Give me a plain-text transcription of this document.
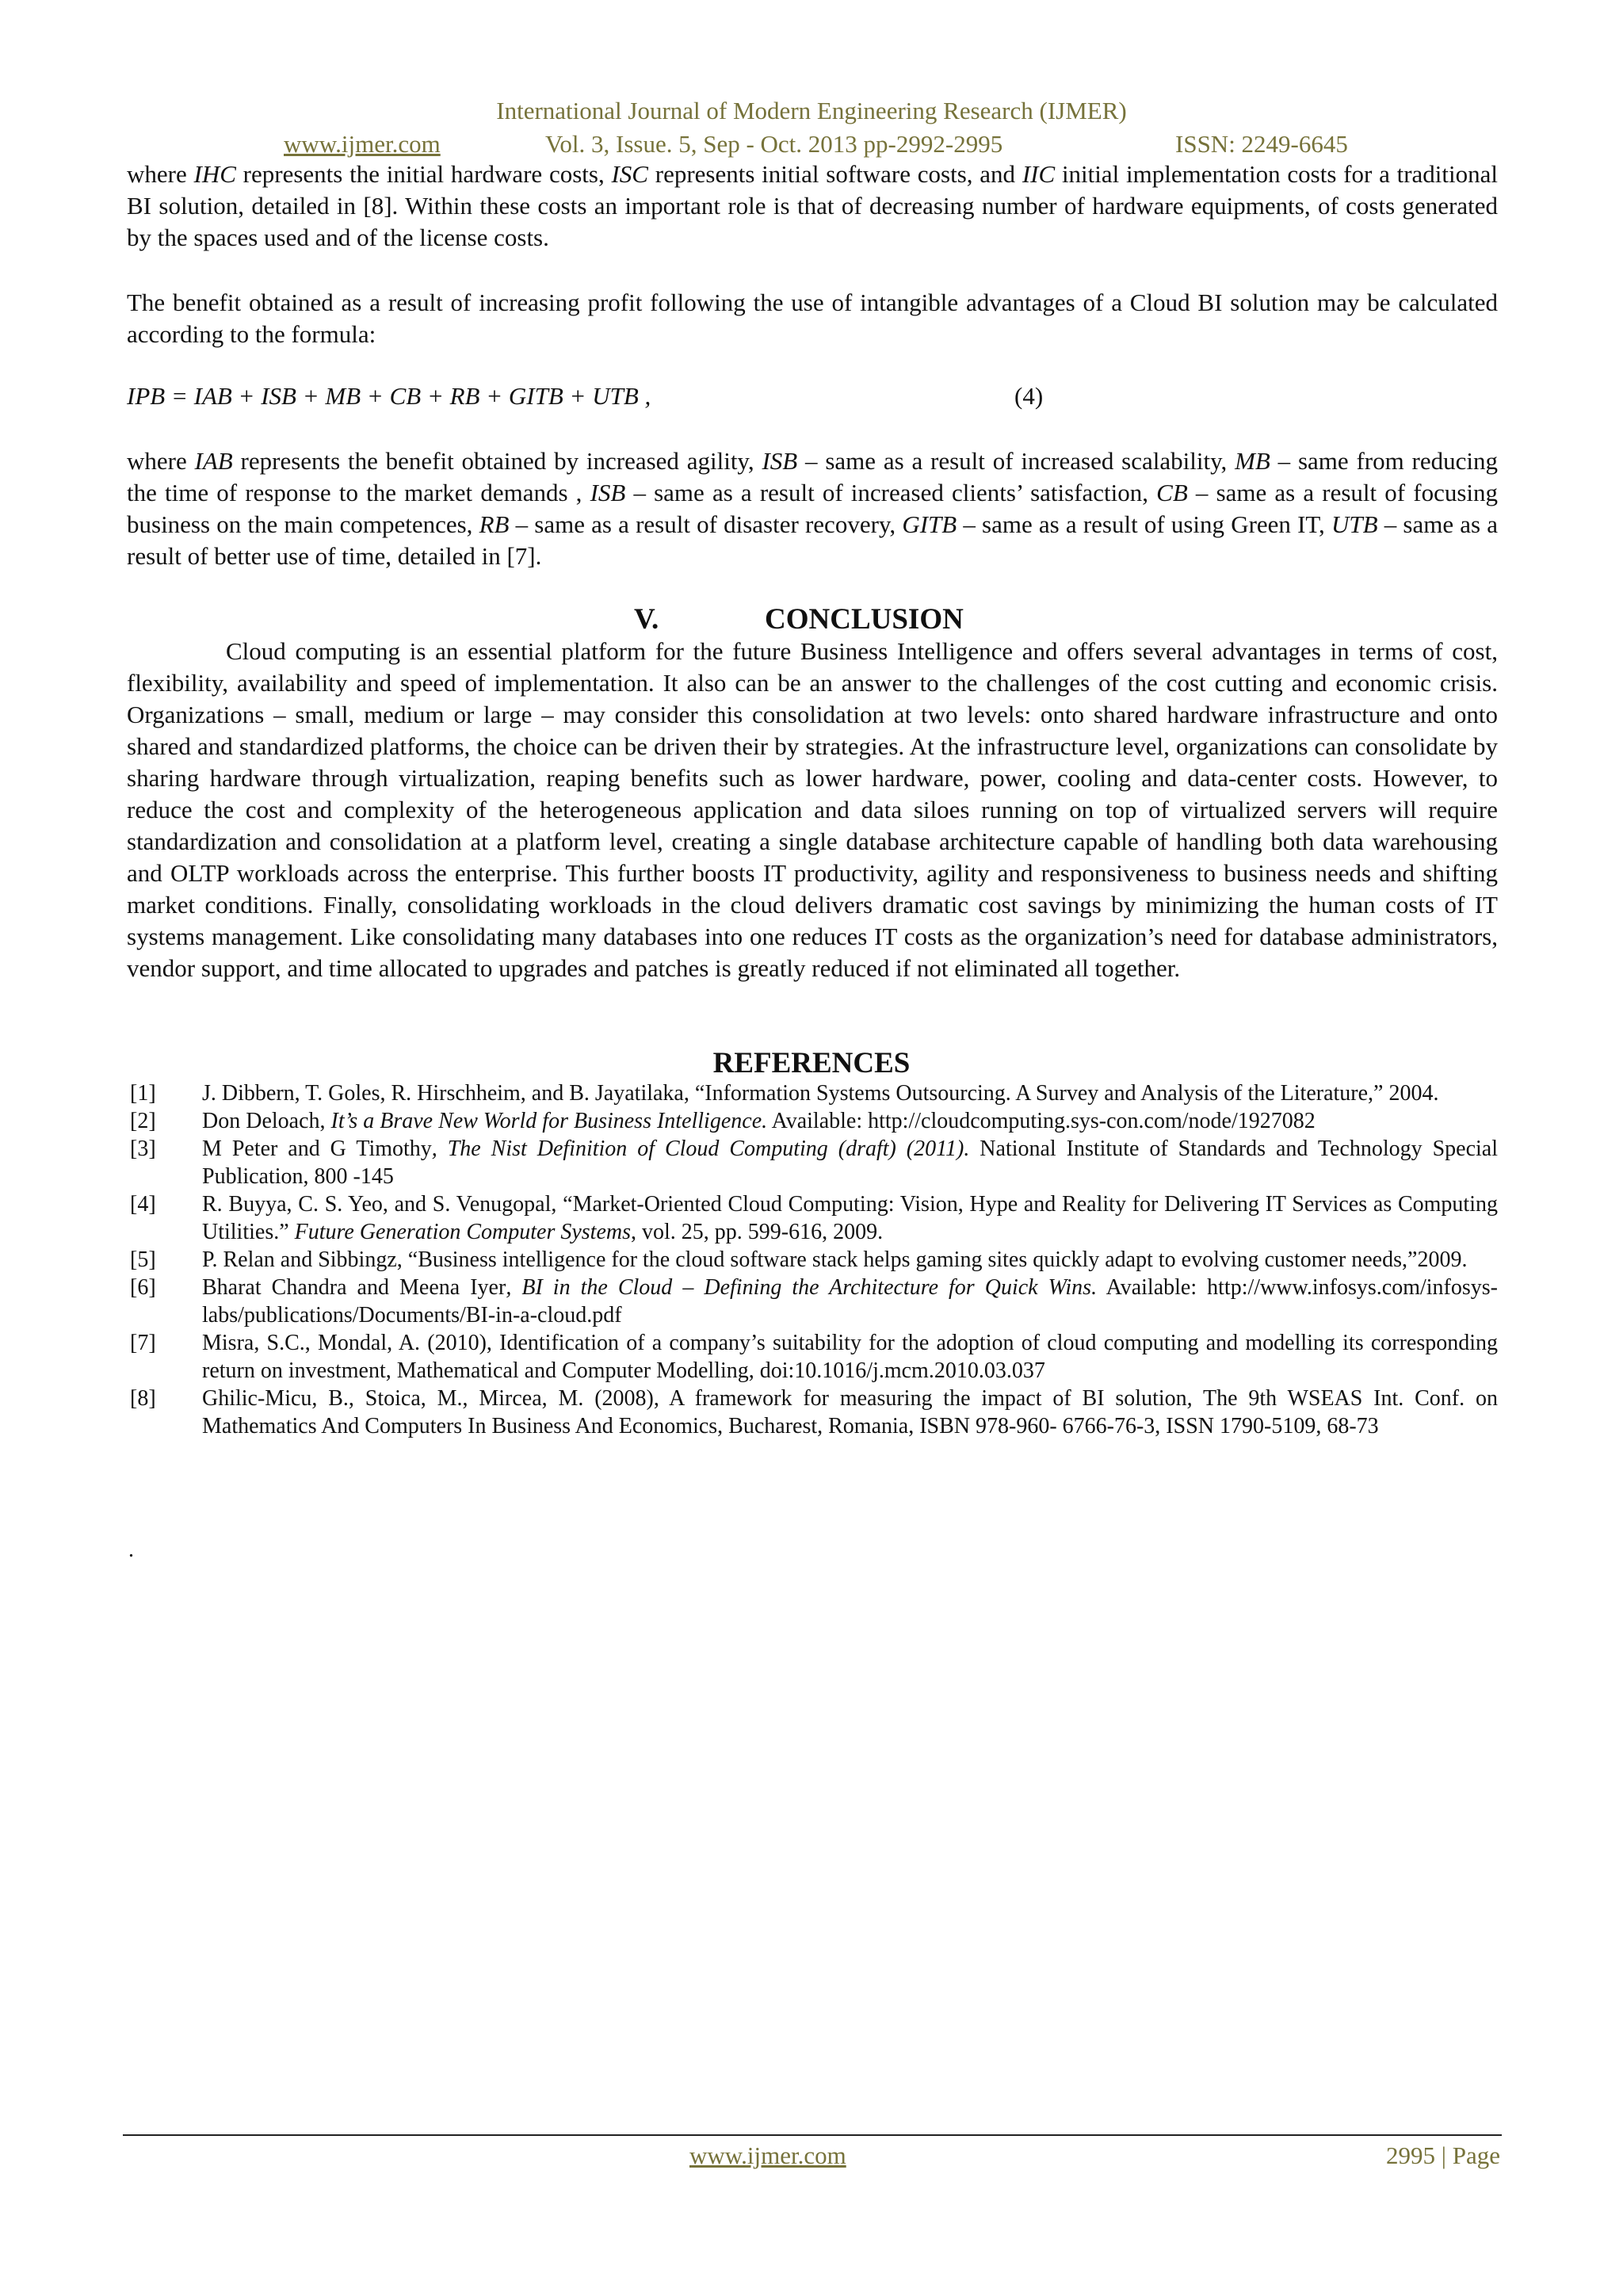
International Journal of Modern Engineering Research (IJMER)
www.ijmer.com	Vol. 3, Issue. 5, Sep - Oct. 2013 pp-2992-2995	ISSN: 2249-6645
where IHC represents the initial hardware costs, ISC represents initial software costs, and IIC initial implementation costs for a traditional BI solution, detailed in [8]. Within these costs an important role is that of decreasing number of hardware equipments, of costs generated by the spaces used and of the license costs.
The benefit obtained as a result of increasing profit following the use of intangible advantages of a Cloud BI solution may be calculated according to the formula:
IPB = IAB + ISB + MB + CB + RB + GITB + UTB ,	(4)
where IAB represents the benefit obtained by increased agility, ISB – same as a result of increased scalability, MB – same from reducing the time of response to the market demands , ISB – same as a result of increased clients’ satisfaction, CB – same as a result of focusing business on the main competences, RB – same as a result of disaster recovery, GITB – same as a result of using Green IT, UTB – same as a result of better use of time, detailed in [7].
V.	CONCLUSION
Cloud computing is an essential platform for the future Business Intelligence and offers several advantages in terms of cost, flexibility, availability and speed of implementation. It also can be an answer to the challenges of the cost cutting and economic crisis. Organizations – small, medium or large – may consider this consolidation at two levels: onto shared hardware infrastructure and onto shared and standardized platforms, the choice can be driven their by strategies. At the infrastructure level, organizations can consolidate by sharing hardware through virtualization, reaping benefits such as lower hardware, power, cooling and data-center costs. However, to reduce the cost and complexity of the heterogeneous application and data siloes running on top of virtualized servers will require standardization and consolidation at a platform level, creating a single database architecture capable of handling both data warehousing and OLTP workloads across the enterprise. This further boosts IT productivity, agility and responsiveness to business needs and shifting market conditions. Finally, consolidating workloads in the cloud delivers dramatic cost savings by minimizing the human costs of IT systems management. Like consolidating many databases into one reduces IT costs as the organization’s need for database administrators, vendor support, and time allocated to upgrades and patches is greatly reduced if not eliminated all together.
REFERENCES
[1] J. Dibbern, T. Goles, R. Hirschheim, and B. Jayatilaka, “Information Systems Outsourcing. A Survey and Analysis of the Literature,” 2004.
[2] Don Deloach, It’s a Brave New World for Business Intelligence. Available: http://cloudcomputing.sys-con.com/node/1927082
[3] M Peter and G Timothy, The Nist Definition of Cloud Computing (draft) (2011). National Institute of Standards and Technology Special Publication, 800 -145
[4] R. Buyya, C. S. Yeo, and S. Venugopal, “Market-Oriented Cloud Computing: Vision, Hype and Reality for Delivering IT Services as Computing Utilities.” Future Generation Computer Systems, vol. 25, pp. 599-616, 2009.
[5] P. Relan and Sibbingz, “Business intelligence for the cloud software stack helps gaming sites quickly adapt to evolving customer needs,”2009.
[6] Bharat Chandra and Meena Iyer, BI in the Cloud – Defining the Architecture for Quick Wins. Available: http://www.infosys.com/infosys-labs/publications/Documents/BI-in-a-cloud.pdf
[7] Misra, S.C., Mondal, A. (2010), Identification of a company’s suitability for the adoption of cloud computing and modelling its corresponding return on investment, Mathematical and Computer Modelling, doi:10.1016/j.mcm.2010.03.037
[8] Ghilic-Micu, B., Stoica, M., Mircea, M. (2008), A framework for measuring the impact of BI solution, The 9th WSEAS Int. Conf. on Mathematics And Computers In Business And Economics, Bucharest, Romania, ISBN 978-960- 6766-76-3, ISSN 1790-5109, 68-73
.
www.ijmer.com	2995 | Page
